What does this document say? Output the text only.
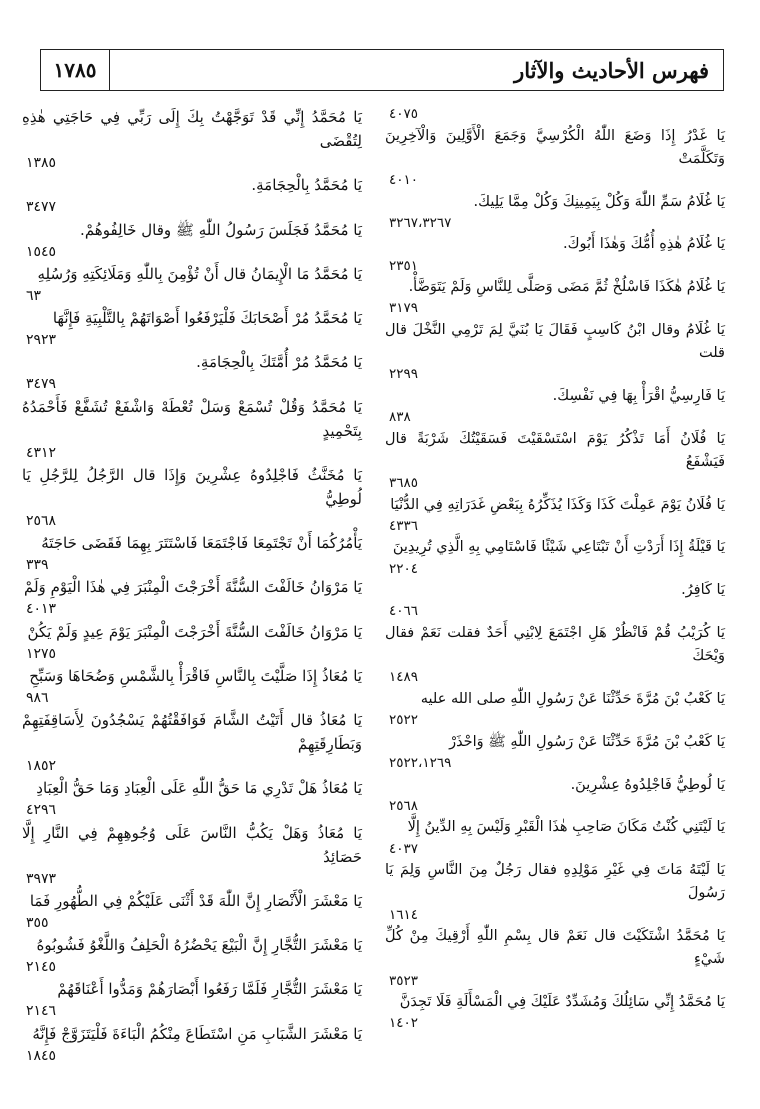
١٧٨٥	فهرس الأحاديث والآثار
٤٠٧٥
يَا غَدْرُ إِذَا وَضَعَ اللّٰهُ الْكُرْسِيَّ وَجَمَعَ الْأَوَّلِينَ وَالْآخِرِينَ وَتَكَلَّمَتْ
٤٠١٠
يَا غُلَامُ سَمِّ اللّٰهَ وَكُلْ بِيَمِينِكَ وَكُلْ مِمَّا يَلِيكَ.
٣٢٦٧،٣٢٦٧
يَا غُلَامُ هٰذِهِ أُمُّكَ وَهٰذَا أَبُوكَ.
٢٣٥١
يَا غُلَامُ هٰكَذَا فَاسْلُخْ ثُمَّ مَضَى وَصَلَّى لِلنَّاسِ وَلَمْ يَتَوَضَّأْ.
٣١٧٩
يَا غُلَامُ وقال ابْنُ كَاسِبٍ فَقَالَ يَا بُنَيَّ لِمَ تَرْمِي النَّخْلَ قال قلت
٢٢٩٩
يَا فَارِسِيُّ اقْرَأْ بِهَا فِي نَفْسِكَ.
٨٣٨
يَا فُلَانُ أَمَا تَذْكُرُ يَوْمَ اسْتَسْقَيْتَ فَسَقَيْتُكَ شَرْبَةً قال فَيَشْفَعُ
٣٦٨٥
يَا فُلَانُ يَوْمَ عَمِلْتَ كَذَا وَكَذَا يُذَكِّرُهُ بِبَعْضِ غَدَرَاتِهِ فِي الدُّنْيَا
٤٣٣٦
يَا قَيْلَةُ إِذَا أَرَدْتِ أَنْ تَبْتَاعِي شَيْئًا فَاسْتَامِي بِهِ الَّذِي تُرِيدِينَ
٢٢٠٤
يَا كَافِرُ.
٤٠٦٦
يَا كُرَيْبُ قُمْ فَانْظُرْ هَلِ اجْتَمَعَ لِابْنِي أَحَدٌ فقلت نَعَمْ فقال وَيْحَكَ
١٤٨٩
يَا كَعْبُ بْنَ مُرَّةَ حَدِّثْنَا عَنْ رَسُولِ اللّٰهِ صلى الله عليه
٢٥٢٢
يَا كَعْبُ بْنَ مُرَّةَ حَدِّثْنَا عَنْ رَسُولِ اللّٰهِ ﷺ وَاحْذَرْ
٢٥٢٢،١٢٦٩
يَا لُوطِيُّ فَاجْلِدُوهُ عِشْرِينَ.
٢٥٦٨
يَا لَيْتَنِي كُنْتُ مَكَانَ صَاحِبِ هٰذَا الْقَبْرِ وَلَيْسَ بِهِ الدِّينُ إِلَّا
٤٠٣٧
يَا لَيْتَهُ مَاتَ فِي غَيْرِ مَوْلِدِهِ فقال رَجُلٌ مِنَ النَّاسِ وَلِمَ يَا رَسُولَ
١٦١٤
يَا مُحَمَّدُ اشْتَكَيْتَ قال نَعَمْ قال بِسْمِ اللّٰهِ أَرْقِيكَ مِنْ كُلِّ شَيْءٍ
٣٥٢٣
يَا مُحَمَّدُ إِنِّي سَائِلُكَ وَمُشَدِّدٌ عَلَيْكَ فِي الْمَسْأَلَةِ فَلَا تَجِدَنَّ
١٤٠٢
يَا مُحَمَّدُ إِنِّي قَدْ تَوَجَّهْتُ بِكَ إِلَى رَبِّي فِي حَاجَتِي هٰذِهِ لِتُقْضَى
١٣٨٥
يَا مُحَمَّدُ بِالْحِجَامَةِ.
٣٤٧٧
يَا مُحَمَّدُ فَجَلَسَ رَسُولُ اللّٰهِ ﷺ وقال خَالِفُوهُمْ.
١٥٤٥
يَا مُحَمَّدُ مَا الْإِيمَانُ قال أَنْ تُؤْمِنَ بِاللّٰهِ وَمَلَائِكَتِهِ وَرُسُلِهِ
٦٣
يَا مُحَمَّدُ مُرْ أَصْحَابَكَ فَلْيَرْفَعُوا أَصْوَاتَهُمْ بِالتَّلْبِيَةِ فَإِنَّهَا
٢٩٢٣
يَا مُحَمَّدُ مُرْ أُمَّتَكَ بِالْحِجَامَةِ.
٣٤٧٩
يَا مُحَمَّدُ وَقُلْ تُسْمَعْ وَسَلْ تُعْطَهْ وَاشْفَعْ تُشَفَّعْ فَأَحْمَدُهُ بِتَحْمِيدٍ
٤٣١٢
يَا مُخَنَّثُ فَاجْلِدُوهُ عِشْرِينَ وَإِذَا قال الرَّجُلُ لِلرَّجُلِ يَا لُوطِيُّ
٢٥٦٨
يَأْمُرُكُمَا أَنْ تَجْتَمِعَا فَاجْتَمَعَا فَاسْتَتَرَ بِهِمَا فَقَضَى حَاجَتَهُ
٣٣٩
يَا مَرْوَانُ خَالَفْتَ السُّنَّةَ أَخْرَجْتَ الْمِنْبَرَ فِي هٰذَا الْيَوْمِ وَلَمْ
٤٠١٣
يَا مَرْوَانُ خَالَفْتَ السُّنَّةَ أَخْرَجْتَ الْمِنْبَرَ يَوْمَ عِيدٍ وَلَمْ يَكُنْ
١٢٧٥
يَا مُعَاذُ إِذَا صَلَّيْتَ بِالنَّاسِ فَاقْرَأْ بِالشَّمْسِ وَضُحَاهَا وَسَبِّحِ
٩٨٦
يَا مُعَاذُ قال أَتَيْتُ الشَّامَ فَوَافَقْتُهُمْ يَسْجُدُونَ لِأَسَاقِفَتِهِمْ وَبَطَارِقَتِهِمْ
١٨٥٢
يَا مُعَاذُ هَلْ تَدْرِي مَا حَقُّ اللّٰهِ عَلَى الْعِبَادِ وَمَا حَقُّ الْعِبَادِ
٤٢٩٦
يَا مُعَاذُ وَهَلْ يَكُبُّ النَّاسَ عَلَى وُجُوهِهِمْ فِي النَّارِ إِلَّا حَصَائِدُ
٣٩٧٣
يَا مَعْشَرَ الْأَنْصَارِ إِنَّ اللّٰهَ قَدْ أَثْنَى عَلَيْكُمْ فِي الطُّهُورِ فَمَا
٣٥٥
يَا مَعْشَرَ التُّجَّارِ إِنَّ الْبَيْعَ يَحْضُرُهُ الْحَلِفُ وَاللَّغْوُ فَشُوبُوهُ
٢١٤٥
يَا مَعْشَرَ التُّجَّارِ فَلَمَّا رَفَعُوا أَبْصَارَهُمْ وَمَدُّوا أَعْنَاقَهُمْ
٢١٤٦
يَا مَعْشَرَ الشَّبَابِ مَنِ اسْتَطَاعَ مِنْكُمُ الْبَاءَةَ فَلْيَتَزَوَّجْ فَإِنَّهُ
١٨٤٥
